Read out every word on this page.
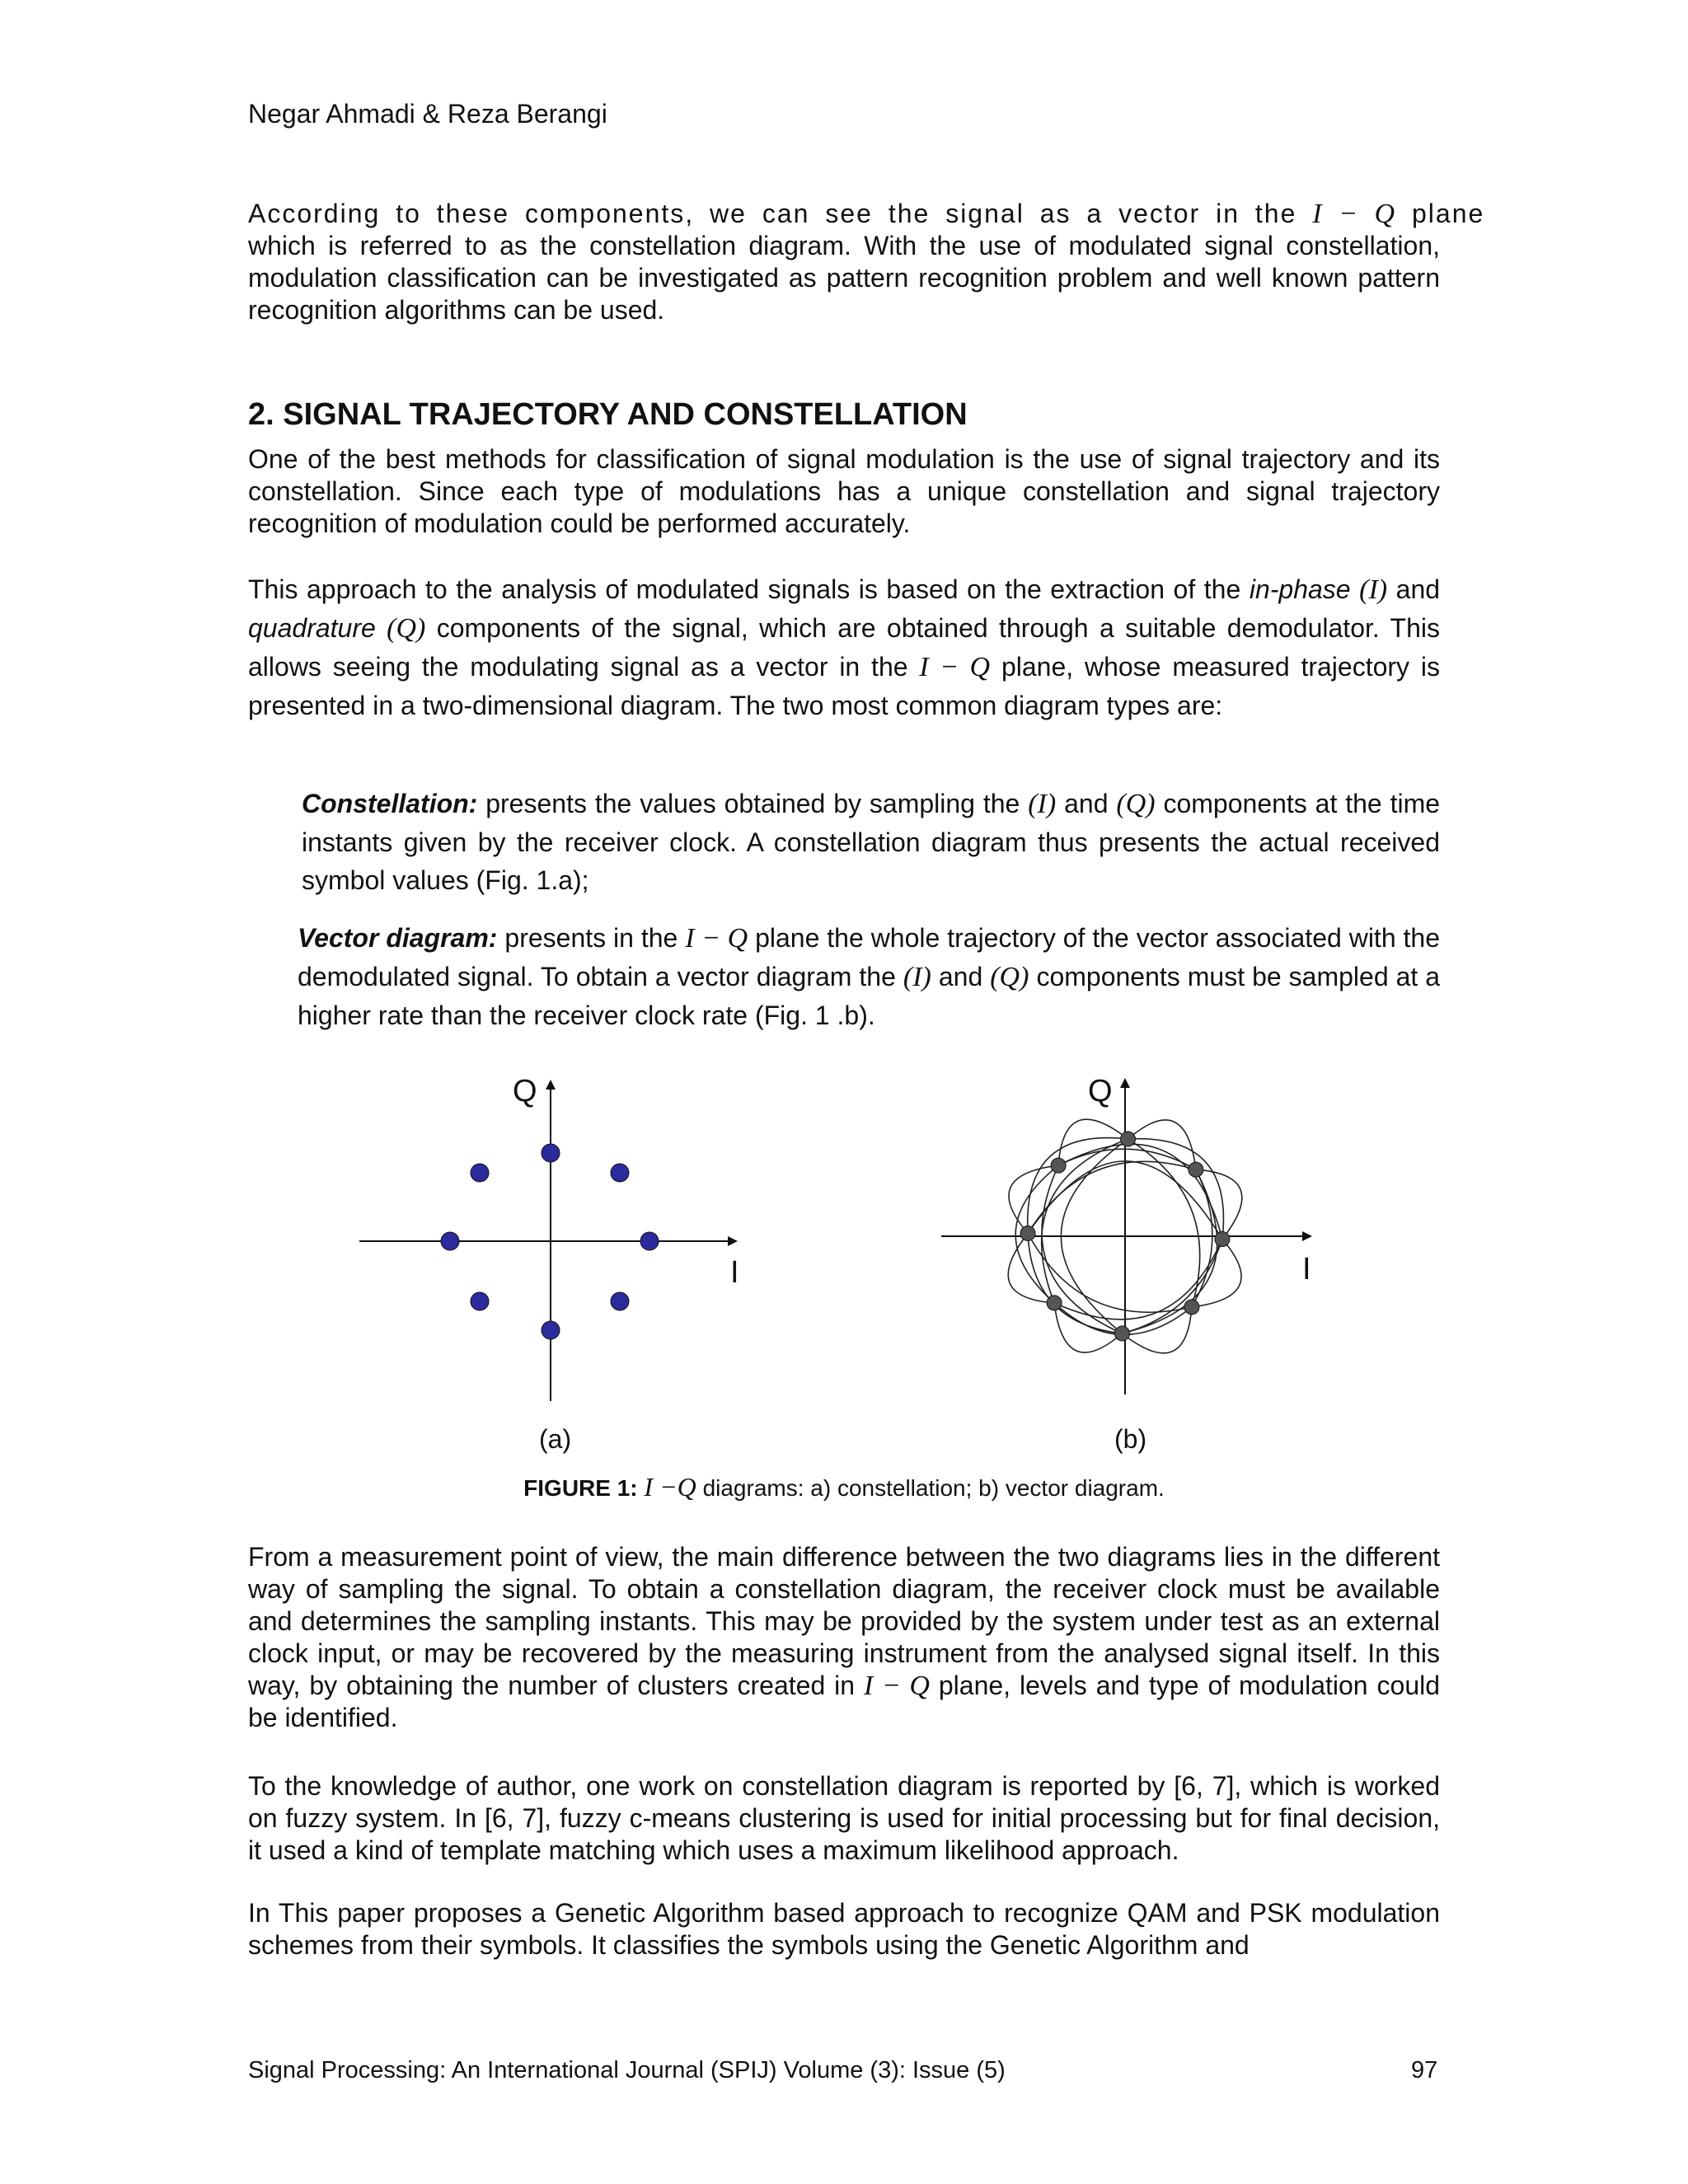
Negar Ahmadi & Reza Berangi
According to these components, we can see the signal as a vector in the I − Q plane
which is referred to as the constellation diagram. With the use of modulated signal constellation, modulation classification can be investigated as pattern recognition problem and well known pattern recognition algorithms can be used.
2. SIGNAL TRAJECTORY AND CONSTELLATION
One of the best methods for classification of signal modulation is the use of signal trajectory and its constellation. Since each type of modulations has a unique constellation and signal trajectory recognition of modulation could be performed accurately.
This approach to the analysis of modulated signals is based on the extraction of the in-phase (I) and quadrature (Q) components of the signal, which are obtained through a suitable demodulator. This allows seeing the modulating signal as a vector in the I − Q plane, whose measured trajectory is presented in a two-dimensional diagram. The two most common diagram types are:
Constellation: presents the values obtained by sampling the (I) and (Q) components at the time instants given by the receiver clock. A constellation diagram thus presents the actual received symbol values (Fig. 1.a);
Vector diagram: presents in the I − Q plane the whole trajectory of the vector associated with the demodulated signal. To obtain a vector diagram the (I) and (Q) components must be sampled at a higher rate than the receiver clock rate (Fig. 1 .b).
Q
I
Q
I
(a)	(b)
FIGURE 1: I −Q diagrams: a) constellation; b) vector diagram.
From a measurement point of view, the main difference between the two diagrams lies in the different way of sampling the signal. To obtain a constellation diagram, the receiver clock must be available and determines the sampling instants. This may be provided by the system under test as an external clock input, or may be recovered by the measuring instrument from the analysed signal itself. In this way, by obtaining the number of clusters created in I − Q plane, levels and type of modulation could be identified.
To the knowledge of author, one work on constellation diagram is reported by [6, 7], which is worked on fuzzy system. In [6, 7], fuzzy c-means clustering is used for initial processing but for final decision, it used a kind of template matching which uses a maximum likelihood approach.
In This paper proposes a Genetic Algorithm based approach to recognize QAM and PSK modulation schemes from their symbols. It classifies the symbols using the Genetic Algorithm and
Signal Processing: An International Journal (SPIJ) Volume (3): Issue (5)	97
